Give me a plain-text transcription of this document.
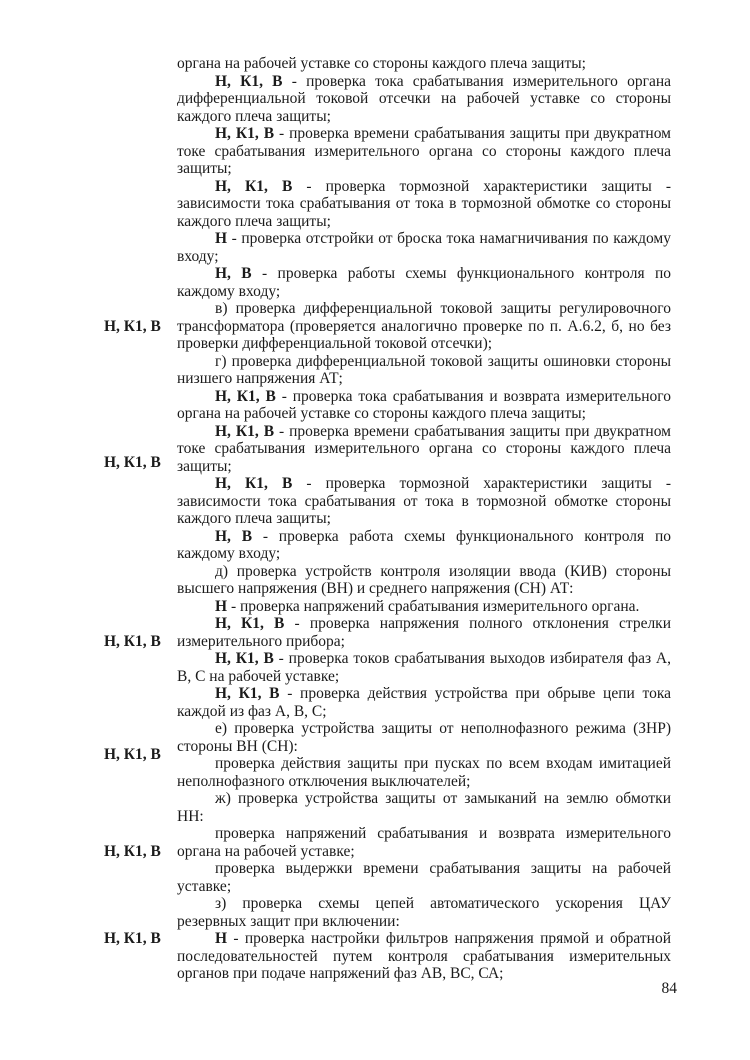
органа на рабочей уставке со стороны каждого плеча защиты;

Н, К1, В - проверка тока срабатывания измерительного органа дифференциальной токовой отсечки на рабочей уставке со стороны каждого плеча защиты;

Н, К1, В - проверка времени срабатывания защиты при двукратном токе срабатывания измерительного органа со стороны каждого плеча защиты;

Н, К1, В - проверка тормозной характеристики защиты - зависимости тока срабатывания от тока в тормозной обмотке со стороны каждого плеча защиты;

Н - проверка отстройки от броска тока намагничивания по каждому входу;

Н, В - проверка работы схемы функционального контроля по каждому входу;

Н, К1, В
в) проверка дифференциальной токовой защиты регулировочного трансформатора (проверяется аналогично проверке по п. А.6.2, б, но без проверки дифференциальной токовой отсечки);

г) проверка дифференциальной токовой защиты ошиновки стороны низшего напряжения АТ;

Н, К1, В - проверка тока срабатывания и возврата измерительного органа на рабочей уставке со стороны каждого плеча защиты;

Н, К1, В
Н, К1, В - проверка времени срабатывания защиты при двукратном токе срабатывания измерительного органа со стороны каждого плеча защиты;

Н, К1, В - проверка тормозной характеристики защиты - зависимости тока срабатывания от тока в тормозной обмотке стороны каждого плеча защиты;

Н, В - проверка работа схемы функционального контроля по каждому входу;

д) проверка устройств контроля изоляции ввода (КИВ) стороны высшего напряжения (ВН) и среднего напряжения (СН) АТ:

Н - проверка напряжений срабатывания измерительного органа.

Н, К1, В
Н, К1, В - проверка напряжения полного отклонения стрелки измерительного прибора;

Н, К1, В - проверка токов срабатывания выходов избирателя фаз А, В, С на рабочей уставке;

Н, К1, В - проверка действия устройства при обрыве цепи тока каждой из фаз А, В, С;

Н, К1, В
е) проверка устройства защиты от неполнофазного режима (ЗНР) стороны ВН (СН):

проверка действия защиты при пусках по всем входам имитацией неполнофазного отключения выключателей;

ж) проверка устройства защиты от замыканий на землю обмотки НН:

Н, К1, В
проверка напряжений срабатывания и возврата измерительного органа на рабочей уставке;

проверка выдержки времени срабатывания защиты на рабочей уставке;

з) проверка схемы цепей автоматического ускорения ЦАУ резервных защит при включении:

Н, К1, В	Н - проверка настройки фильтров напряжения прямой и обратной последовательностей путем контроля срабатывания измерительных органов при подаче напряжений фаз АВ, ВС, СА;

84
